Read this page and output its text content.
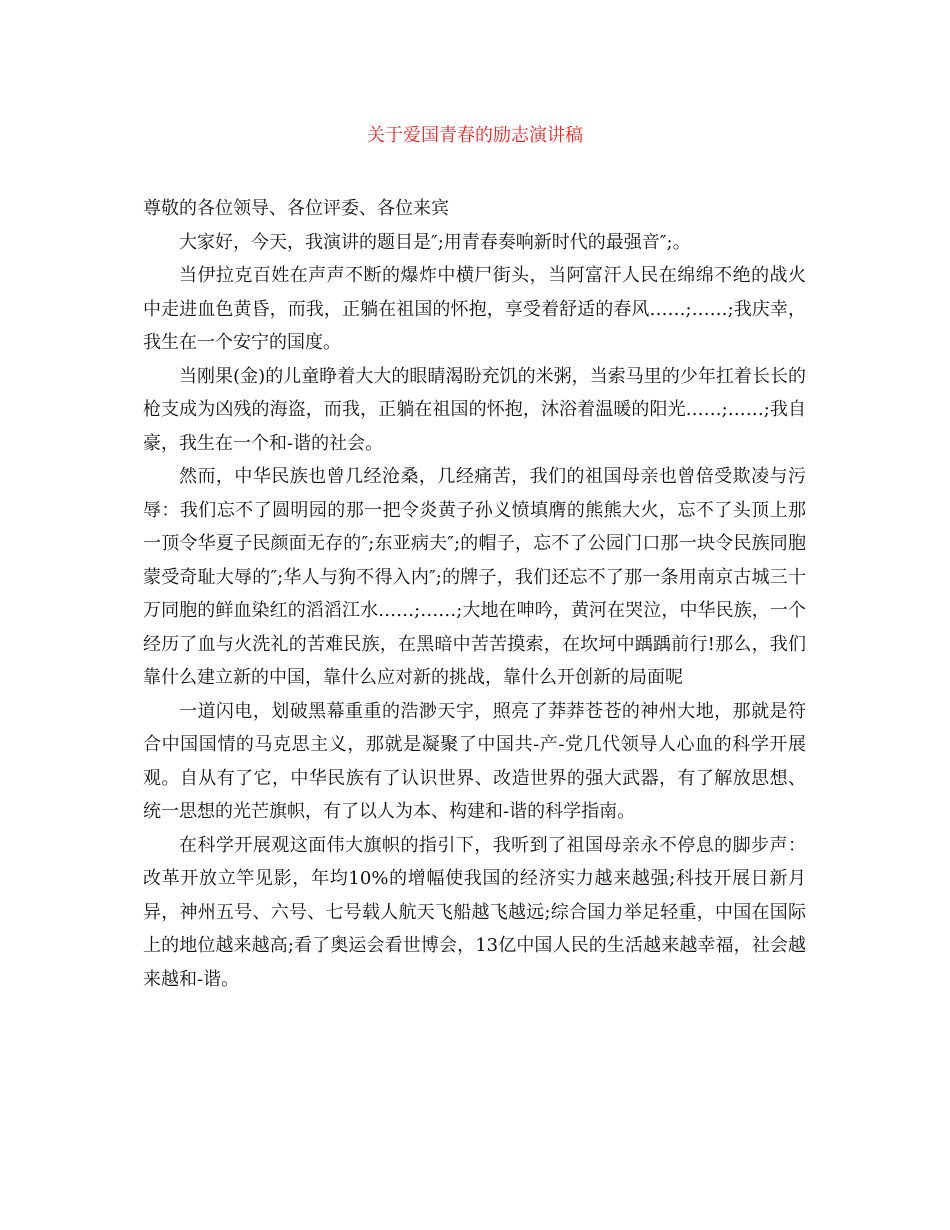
关于爱国青春的励志演讲稿

尊敬的各位领导、各位评委、各位来宾

大家好，今天，我演讲的题目是″;用青春奏响新时代的最强音″;。

当伊拉克百姓在声声不断的爆炸中横尸街头，当阿富汗人民在绵绵不绝的战火中走进血色黄昏，而我，正躺在祖国的怀抱，享受着舒适的春风……;……;我庆幸，我生在一个安宁的国度。

当刚果(金)的儿童睁着大大的眼睛渴盼充饥的米粥，当索马里的少年扛着长长的枪支成为凶残的海盗，而我，正躺在祖国的怀抱，沐浴着温暖的阳光……;……;我自豪，我生在一个和-谐的社会。

然而，中华民族也曾几经沧桑，几经痛苦，我们的祖国母亲也曾倍受欺凌与污辱：我们忘不了圆明园的那一把令炎黄子孙义愤填膺的熊熊大火，忘不了头顶上那一顶令华夏子民颜面无存的″;东亚病夫″;的帽子，忘不了公园门口那一块令民族同胞蒙受奇耻大辱的″;华人与狗不得入内″;的牌子，我们还忘不了那一条用南京古城三十万同胞的鲜血染红的滔滔江水……;……;大地在呻吟，黄河在哭泣，中华民族，一个经历了血与火洗礼的苦难民族，在黑暗中苦苦摸索，在坎坷中踽踽前行!那么，我们靠什么建立新的中国，靠什么应对新的挑战，靠什么开创新的局面呢

一道闪电，划破黑幕重重的浩渺天宇，照亮了莽莽苍苍的神州大地，那就是符合中国国情的马克思主义，那就是凝聚了中国共-产-党几代领导人心血的科学开展观。自从有了它，中华民族有了认识世界、改造世界的强大武器，有了解放思想、统一思想的光芒旗帜，有了以人为本、构建和-谐的科学指南。

在科学开展观这面伟大旗帜的指引下，我听到了祖国母亲永不停息的脚步声：改革开放立竿见影，年均10%的增幅使我国的经济实力越来越强;科技开展日新月异，神州五号、六号、七号载人航天飞船越飞越远;综合国力举足轻重，中国在国际上的地位越来越高;看了奥运会看世博会，13亿中国人民的生活越来越幸福，社会越来越和-谐。
